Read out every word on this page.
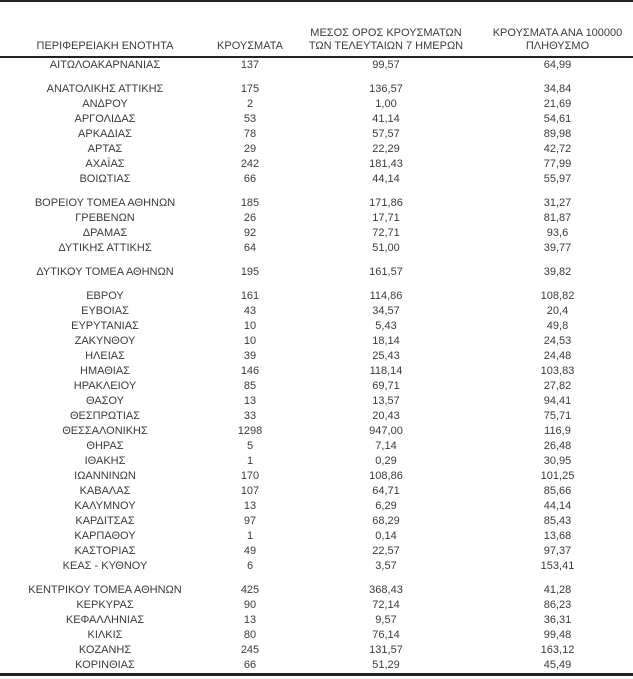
ΠΕΡΙΦΕΡΕΙΑΚΗ ΕΝΟΤΗΤΑ	ΚΡΟΥΣΜΑΤΑ	ΜΕΣΟΣ ΟΡΟΣ ΚΡΟΥΣΜΑΤΩΝ
ΤΩΝ ΤΕΛΕΥΤΑΙΩΝ 7 ΗΜΕΡΩΝ	ΚΡΟΥΣΜΑΤΑ ΑΝΑ 100000
ΠΛΗΘΥΣΜΟ

ΑΙΤΩΛΟΑΚΑΡΝΑΝΙΑΣ	137	99,57	64,99

ΑΝΑΤΟΛΙΚΗΣ ΑΤΤΙΚΗΣ	175	136,57	34,84
ΑΝΔΡΟΥ	2	1,00	21,69
ΑΡΓΟΛΙΔΑΣ	53	41,14	54,61
ΑΡΚΑΔΙΑΣ	78	57,57	89,98
ΑΡΤΑΣ	29	22,29	42,72
ΑΧΑΪΑΣ	242	181,43	77,99
ΒΟΙΩΤΙΑΣ	66	44,14	55,97

ΒΟΡΕΙΟΥ ΤΟΜΕΑ ΑΘΗΝΩΝ	185	171,86	31,27
ΓΡΕΒΕΝΩΝ	26	17,71	81,87
ΔΡΑΜΑΣ	92	72,71	93,6
ΔΥΤΙΚΗΣ ΑΤΤΙΚΗΣ	64	51,00	39,77

ΔΥΤΙΚΟΥ ΤΟΜΕΑ ΑΘΗΝΩΝ	195	161,57	39,82

ΕΒΡΟΥ	161	114,86	108,82
ΕΥΒΟΙΑΣ	43	34,57	20,4
ΕΥΡΥΤΑΝΙΑΣ	10	5,43	49,8
ΖΑΚΥΝΘΟΥ	10	18,14	24,53
ΗΛΕΙΑΣ	39	25,43	24,48
ΗΜΑΘΙΑΣ	146	118,14	103,83
ΗΡΑΚΛΕΙΟΥ	85	69,71	27,82
ΘΑΣΟΥ	13	13,57	94,41
ΘΕΣΠΡΩΤΙΑΣ	33	20,43	75,71
ΘΕΣΣΑΛΟΝΙΚΗΣ	1298	947,00	116,9
ΘΗΡΑΣ	5	7,14	26,48
ΙΘΑΚΗΣ	1	0,29	30,95
ΙΩΑΝΝΙΝΩΝ	170	108,86	101,25
ΚΑΒΑΛΑΣ	107	64,71	85,66
ΚΑΛΥΜΝΟΥ	13	6,29	44,14
ΚΑΡΔΙΤΣΑΣ	97	68,29	85,43
ΚΑΡΠΑΘΟΥ	1	0,14	13,68
ΚΑΣΤΟΡΙΑΣ	49	22,57	97,37
ΚΕΑΣ - ΚΥΘΝΟΥ	6	3,57	153,41

ΚΕΝΤΡΙΚΟΥ ΤΟΜΕΑ ΑΘΗΝΩΝ	425	368,43	41,28
ΚΕΡΚΥΡΑΣ	90	72,14	86,23
ΚΕΦΑΛΛΗΝΙΑΣ	13	9,57	36,31
ΚΙΛΚΙΣ	80	76,14	99,48
ΚΟΖΑΝΗΣ	245	131,57	163,12
ΚΟΡΙΝΘΙΑΣ	66	51,29	45,49
